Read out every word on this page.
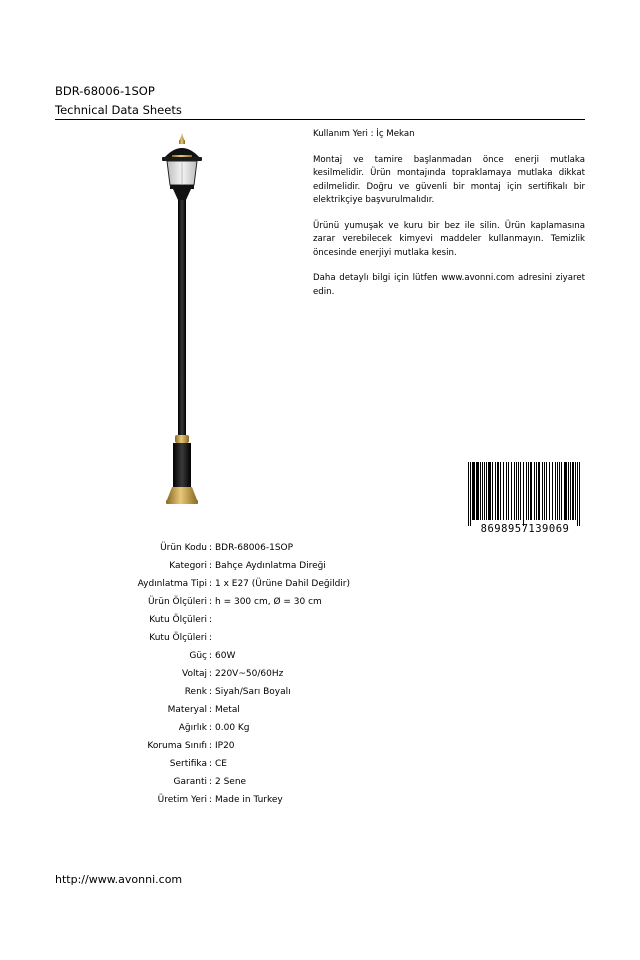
BDR-68006-1SOP
Technical Data Sheets

Kullanım Yeri : İç Mekan

Montaj ve tamire başlanmadan önce enerji mutlaka kesilmelidir. Ürün montajında topraklamaya mutlaka dikkat edilmelidir. Doğru ve güvenli bir montaj için sertifikalı bir elektrikçiye başvurulmalıdır.

Ürünü yumuşak ve kuru bir bez ile silin. Ürün kaplamasına zarar verebilecek kimyevi maddeler kullanmayın. Temizlik öncesinde enerjiyi mutlaka kesin.

Daha detaylı bilgi için lütfen www.avonni.com adresini ziyaret edin.

8698957139069
Ürün Kodu : BDR-68006-1SOP
Kategori : Bahçe Aydınlatma Direği
Aydınlatma Tipi : 1 x E27 (Ürüne Dahil Değildir)
Ürün Ölçüleri : h = 300 cm, Ø = 30 cm
Kutu Ölçüleri :
Kutu Ölçüleri :
Güç : 60W
Voltaj : 220V~50/60Hz
Renk : Siyah/Sarı Boyalı
Materyal : Metal
Ağırlık : 0.00 Kg
Koruma Sınıfı : IP20
Sertifika : CE
Garanti : 2 Sene
Üretim Yeri : Made in Turkey
http://www.avonni.com
